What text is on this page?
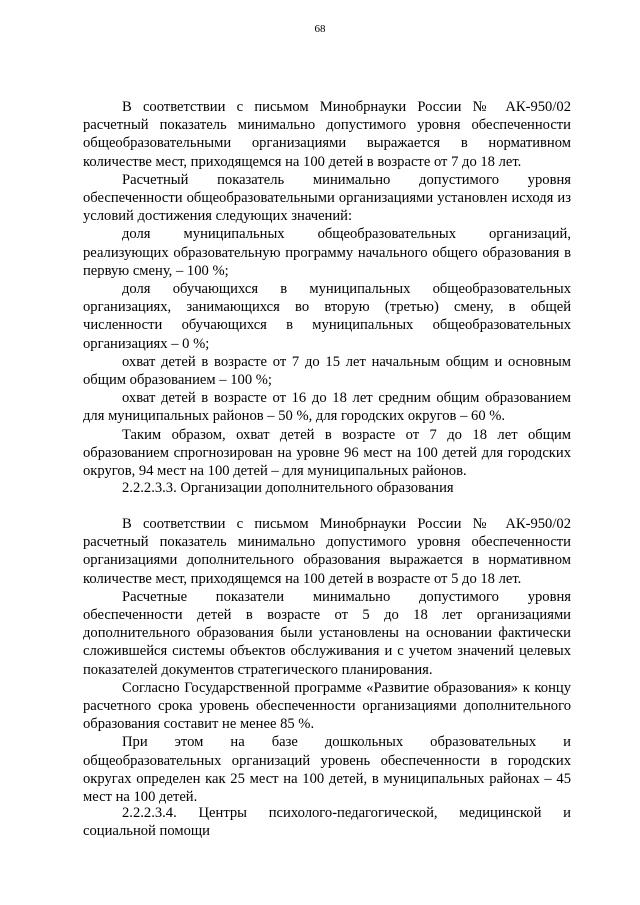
68

В соответствии с письмом Минобрнауки России № АК-950/02 расчетный показатель минимально допустимого уровня обеспеченности общеобразовательными организациями выражается в нормативном количестве мест, приходящемся на 100 детей в возрасте от 7 до 18 лет.

Расчетный показатель минимально допустимого уровня обеспеченности общеобразовательными организациями установлен исходя из условий достижения следующих значений:

доля муниципальных общеобразовательных организаций, реализующих образовательную программу начального общего образования в первую смену, – 100 %;

доля обучающихся в муниципальных общеобразовательных организациях, занимающихся во вторую (третью) смену, в общей численности обучающихся в муниципальных общеобразовательных организациях – 0 %;

охват детей в возрасте от 7 до 15 лет начальным общим и основным общим образованием – 100 %;

охват детей в возрасте от 16 до 18 лет средним общим образованием для муниципальных районов – 50 %, для городских округов – 60 %.

Таким образом, охват детей в возрасте от 7 до 18 лет общим образованием спрогнозирован на уровне 96 мест на 100 детей для городских округов, 94 мест на 100 детей – для муниципальных районов.

2.2.2.3.3. Организации дополнительного образования

В соответствии с письмом Минобрнауки России № АК-950/02 расчетный показатель минимально допустимого уровня обеспеченности организациями дополнительного образования выражается в нормативном количестве мест, приходящемся на 100 детей в возрасте от 5 до 18 лет.

Расчетные показатели минимально допустимого уровня обеспеченности детей в возрасте от 5 до 18 лет организациями дополнительного образования были установлены на основании фактически сложившейся системы объектов обслуживания и с учетом значений целевых показателей документов стратегического планирования.

Согласно Государственной программе «Развитие образования» к концу расчетного срока уровень обеспеченности организациями дополнительного образования составит не менее 85 %.

При этом на базе дошкольных образовательных и общеобразовательных организаций уровень обеспеченности в городских округах определен как 25 мест на 100 детей, в муниципальных районах – 45 мест на 100 детей.

2.2.2.3.4. Центры психолого-педагогической, медицинской и социальной помощи
